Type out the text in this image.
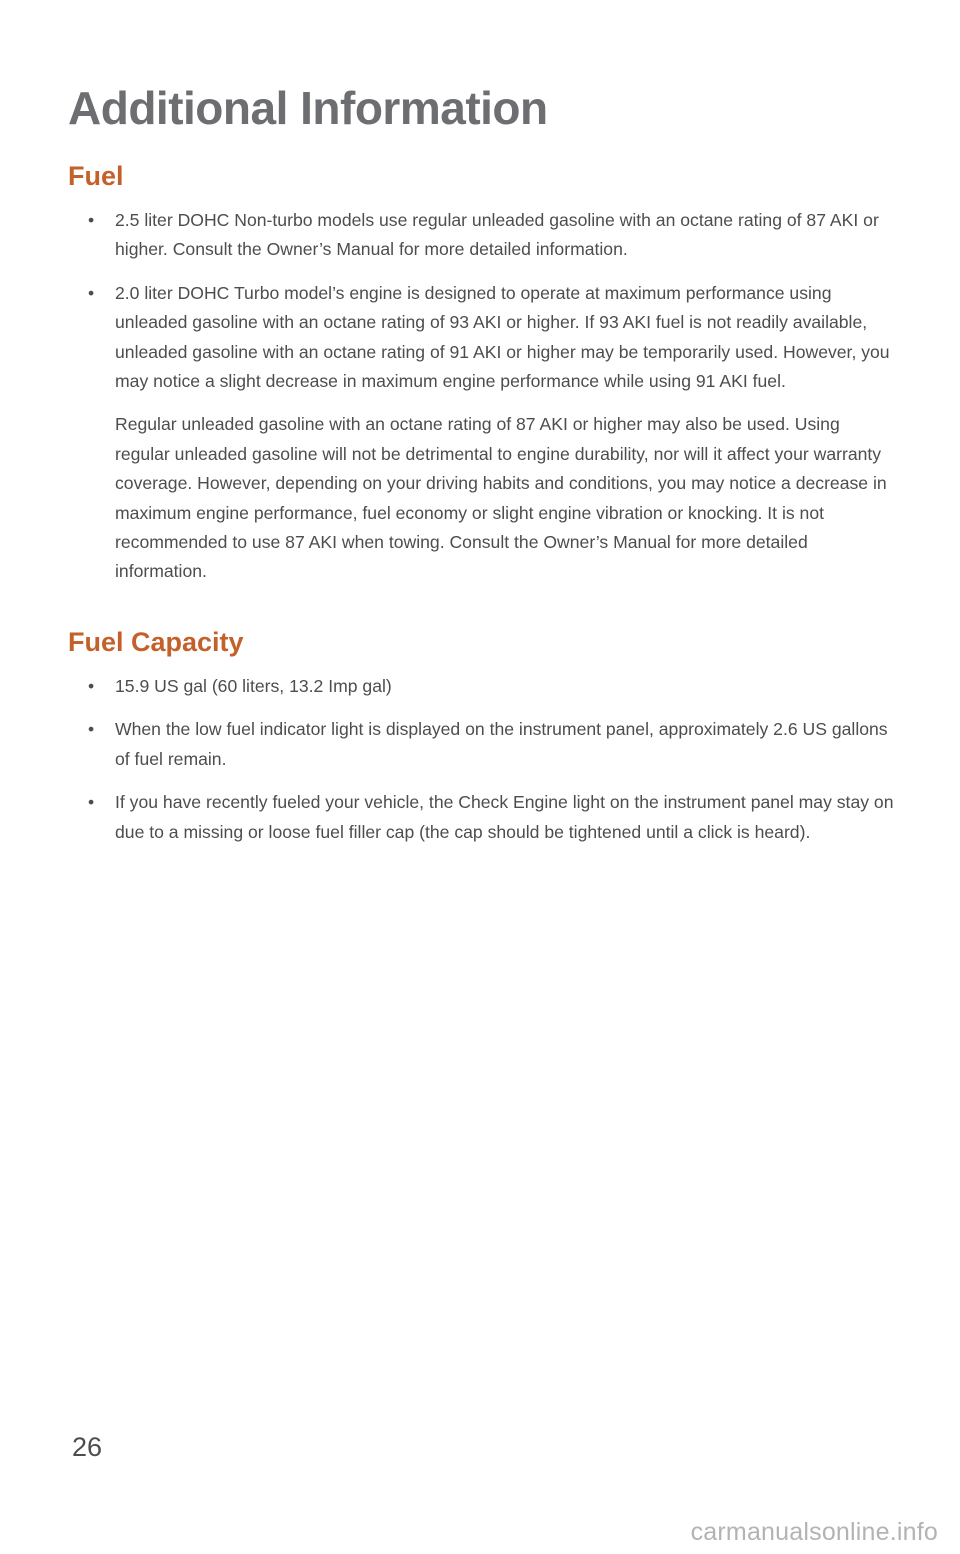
Additional Information
Fuel
• 2.5 liter DOHC Non-turbo models use regular unleaded gasoline with an octane rating of 87 AKI or higher. Consult the Owner’s Manual for more detailed information.

• 2.0 liter DOHC Turbo model’s engine is designed to operate at maximum performance using unleaded gasoline with an octane rating of 93 AKI or higher. If 93 AKI fuel is not readily available, unleaded gasoline with an octane rating of 91 AKI or higher may be temporarily used. However, you may notice a slight decrease in maximum engine performance while using 91 AKI fuel.

Regular unleaded gasoline with an octane rating of 87 AKI or higher may also be used. Using regular unleaded gasoline will not be detrimental to engine durability, nor will it affect your warranty coverage. However, depending on your driving habits and conditions, you may notice a decrease in maximum engine performance, fuel economy or slight engine vibration or knocking. It is not recommended to use 87 AKI when towing. Consult the Owner’s Manual for more detailed information.

Fuel Capacity
• 15.9 US gal (60 liters, 13.2 Imp gal)

• When the low fuel indicator light is displayed on the instrument panel, approximately 2.6 US gallons of fuel remain.

• If you have recently fueled your vehicle, the Check Engine light on the instrument panel may stay on due to a missing or loose fuel filler cap (the cap should be tightened until a click is heard).

26
carmanualsonline.info
